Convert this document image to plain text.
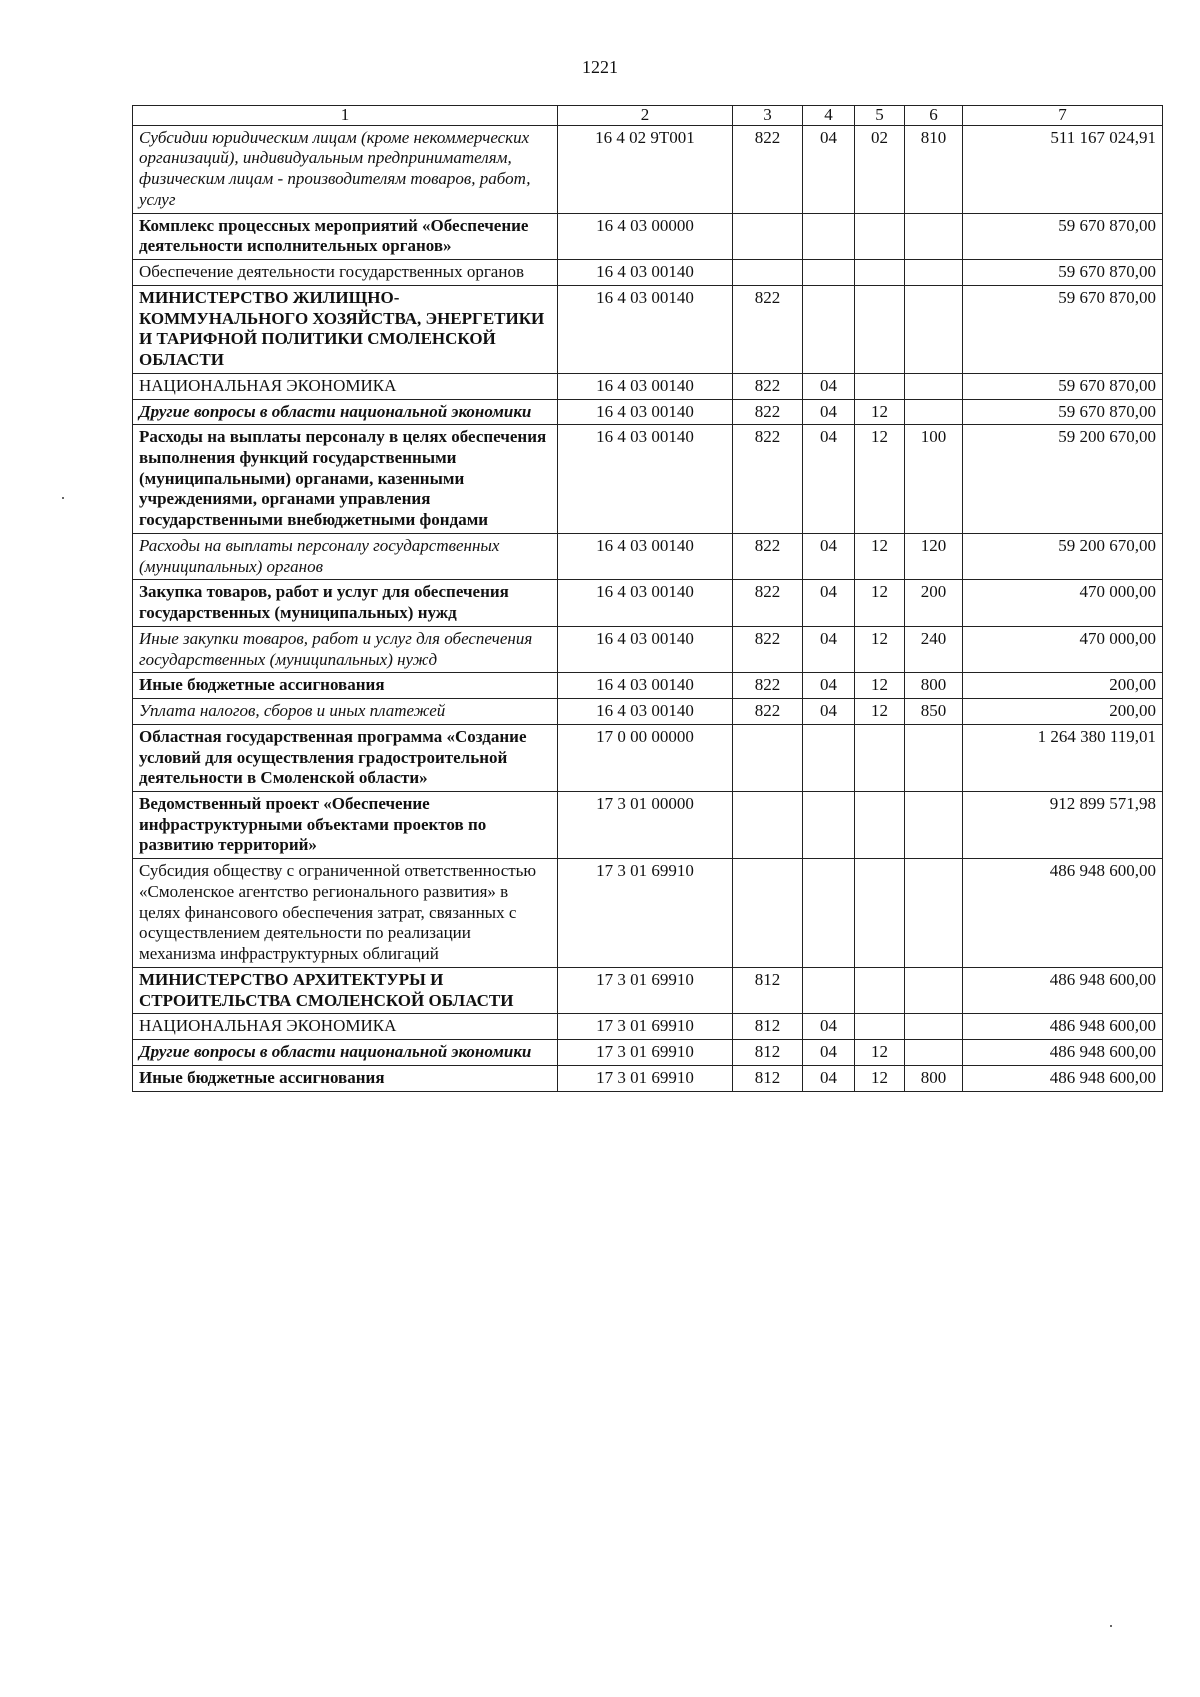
1221
1	2	3	4	5	6	7
Субсидии юридическим лицам (кроме некоммерческих организаций), индивидуальным предпринимателям, физическим лицам - производителям товаров, работ, услуг	16 4 02 9Т001	822	04	02	810	511 167 024,91
Комплекс процессных мероприятий «Обеспечение деятельности исполнительных органов»	16 4 03 00000					59 670 870,00
Обеспечение деятельности государственных органов	16 4 03 00140					59 670 870,00
МИНИСТЕРСТВО ЖИЛИЩНО-КОММУНАЛЬНОГО ХОЗЯЙСТВА, ЭНЕРГЕТИКИ И ТАРИФНОЙ ПОЛИТИКИ СМОЛЕНСКОЙ ОБЛАСТИ	16 4 03 00140	822				59 670 870,00
НАЦИОНАЛЬНАЯ ЭКОНОМИКА	16 4 03 00140	822	04			59 670 870,00
Другие вопросы в области национальной экономики	16 4 03 00140	822	04	12		59 670 870,00
Расходы на выплаты персоналу в целях обеспечения выполнения функций государственными (муниципальными) органами, казенными учреждениями, органами управления государственными внебюджетными фондами	16 4 03 00140	822	04	12	100	59 200 670,00
Расходы на выплаты персоналу государственных (муниципальных) органов	16 4 03 00140	822	04	12	120	59 200 670,00
Закупка товаров, работ и услуг для обеспечения государственных (муниципальных) нужд	16 4 03 00140	822	04	12	200	470 000,00
Иные закупки товаров, работ и услуг для обеспечения государственных (муниципальных) нужд	16 4 03 00140	822	04	12	240	470 000,00
Иные бюджетные ассигнования	16 4 03 00140	822	04	12	800	200,00
Уплата налогов, сборов и иных платежей	16 4 03 00140	822	04	12	850	200,00
Областная государственная программа «Создание условий для осуществления градостроительной деятельности в Смоленской области»	17 0 00 00000					1 264 380 119,01
Ведомственный проект «Обеспечение инфраструктурными объектами проектов по развитию территорий»	17 3 01 00000					912 899 571,98
Субсидия обществу с ограниченной ответственностью «Смоленское агентство регионального развития» в целях финансового обеспечения затрат, связанных с осуществлением деятельности по реализации механизма инфраструктурных облигаций	17 3 01 69910					486 948 600,00
МИНИСТЕРСТВО АРХИТЕКТУРЫ И СТРОИТЕЛЬСТВА СМОЛЕНСКОЙ ОБЛАСТИ	17 3 01 69910	812				486 948 600,00
НАЦИОНАЛЬНАЯ ЭКОНОМИКА	17 3 01 69910	812	04			486 948 600,00
Другие вопросы в области национальной экономики	17 3 01 69910	812	04	12		486 948 600,00
Иные бюджетные ассигнования	17 3 01 69910	812	04	12	800	486 948 600,00
